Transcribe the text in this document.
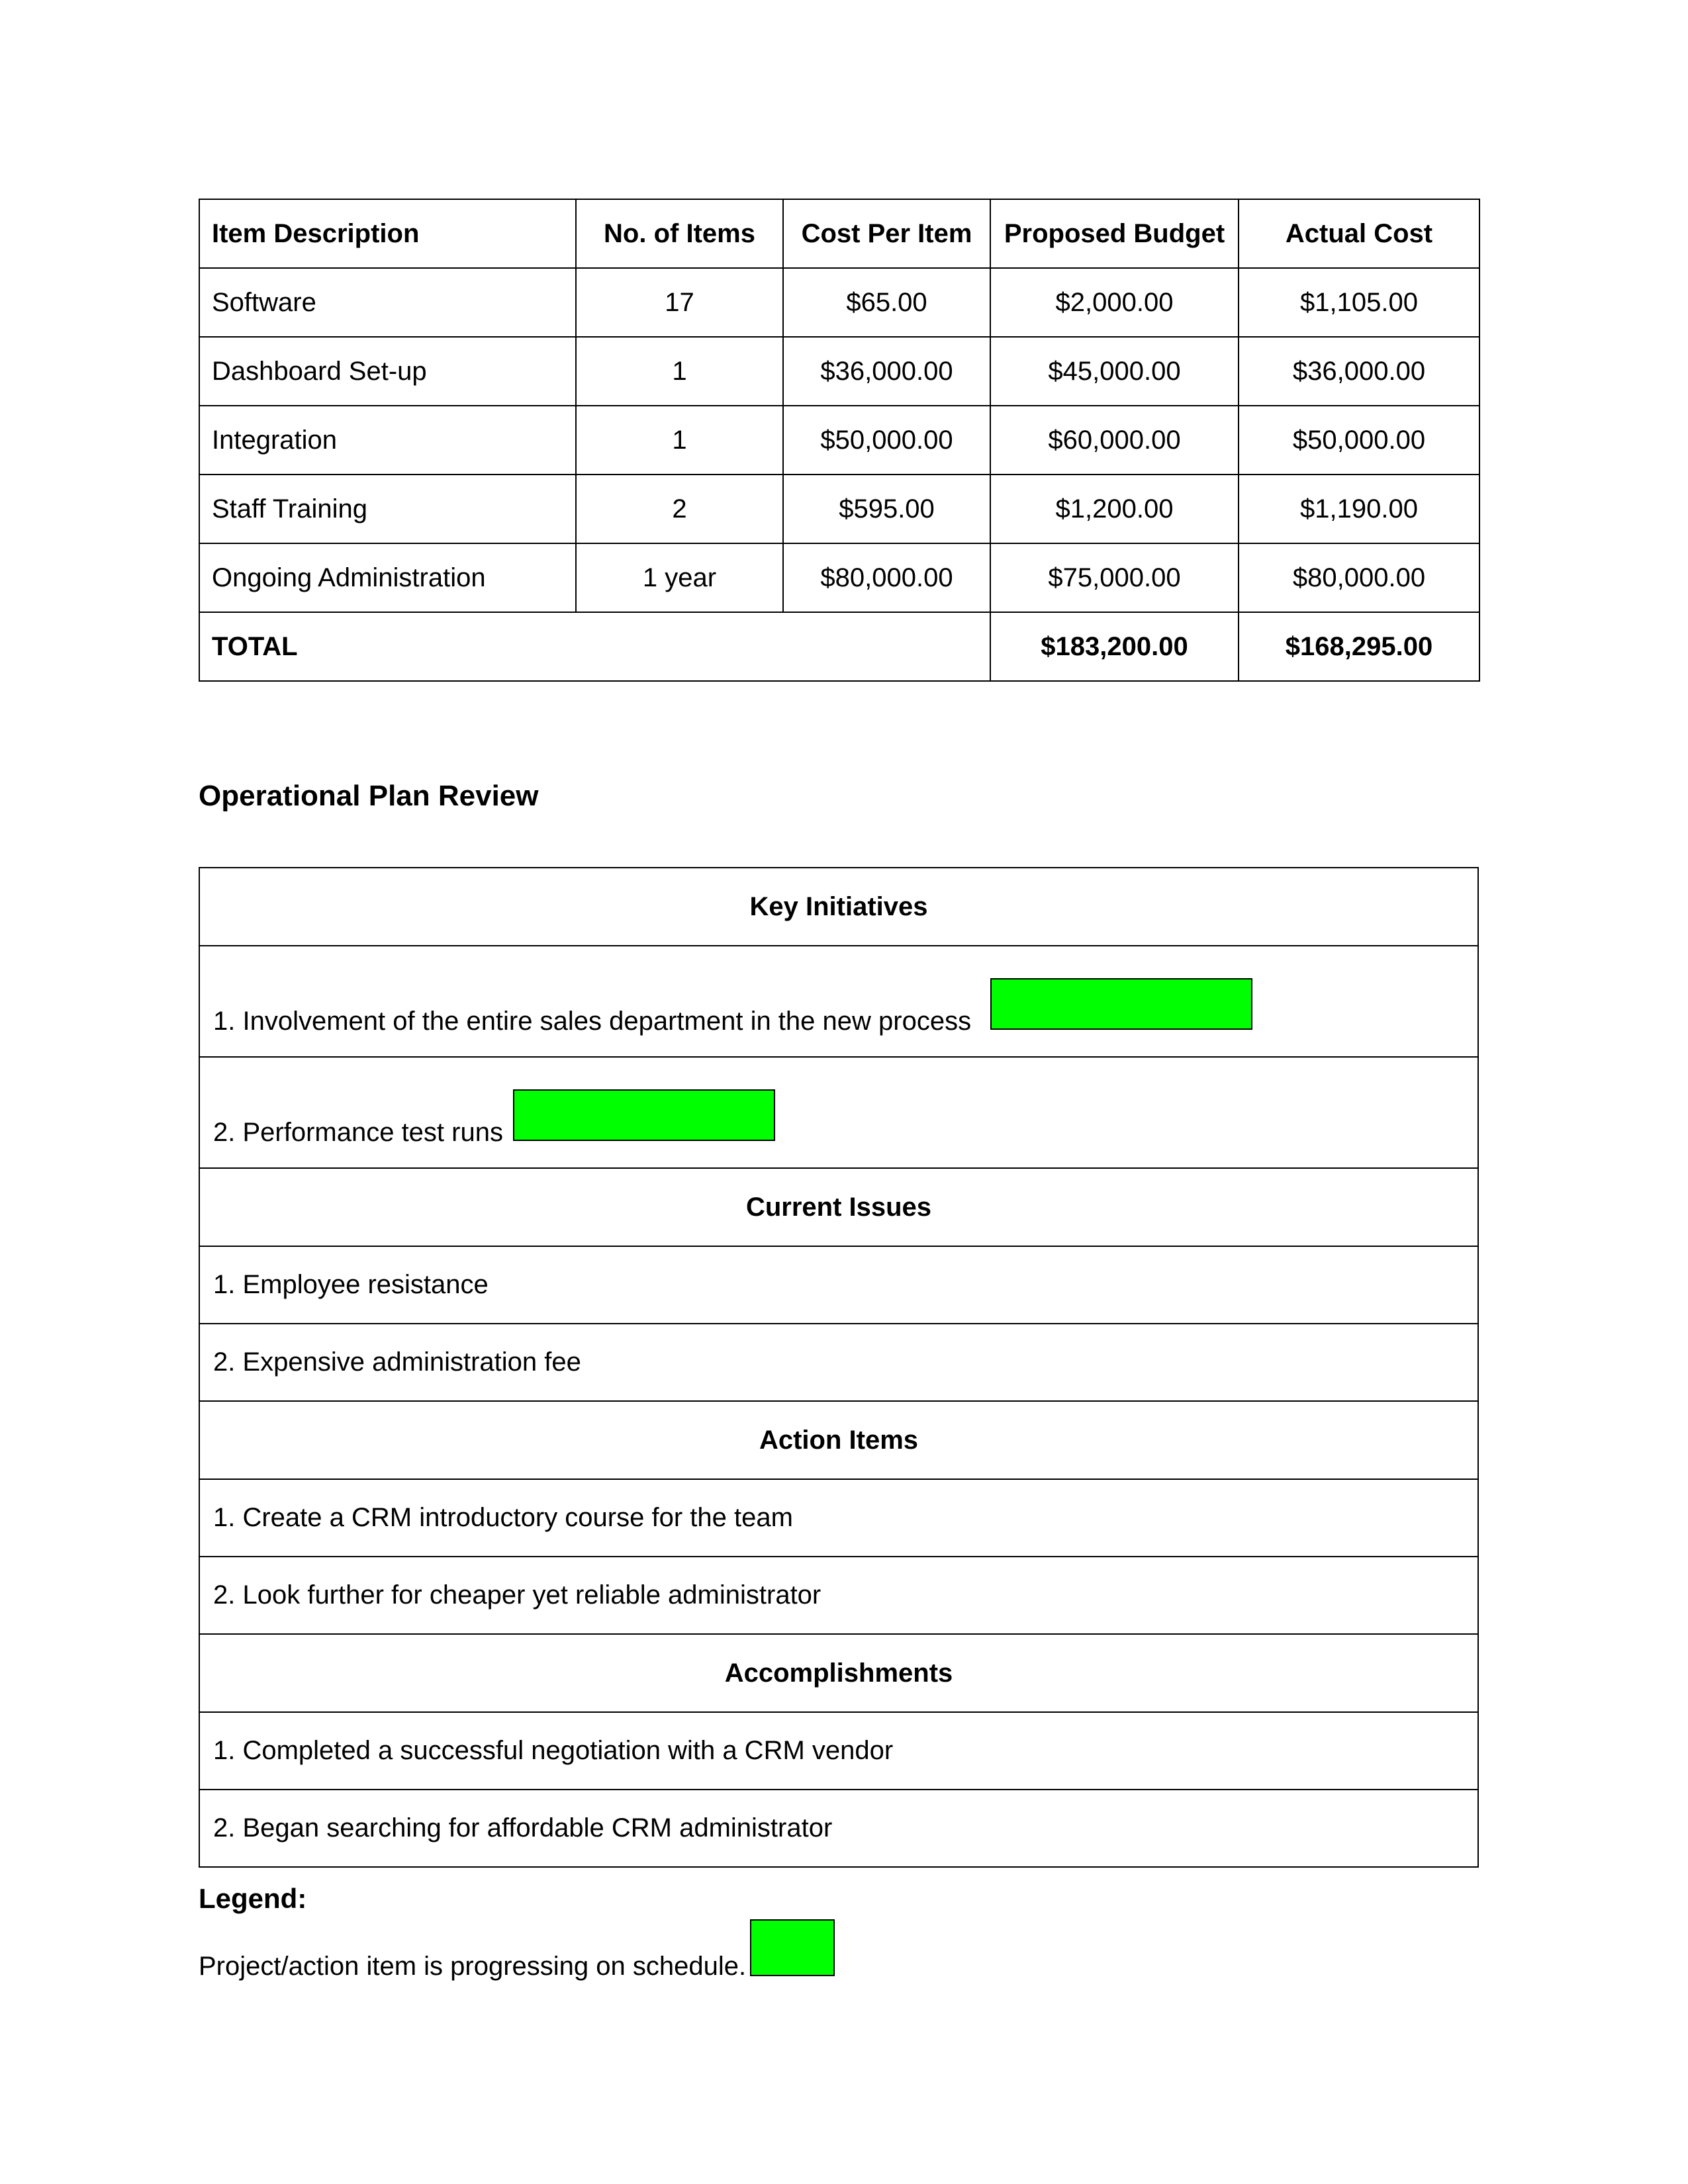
Item Description	No. of Items	Cost Per Item	Proposed Budget	Actual Cost
Software	17	$65.00	$2,000.00	$1,105.00
Dashboard Set-up	1	$36,000.00	$45,000.00	$36,000.00
Integration	1	$50,000.00	$60,000.00	$50,000.00
Staff Training	2	$595.00	$1,200.00	$1,190.00
Ongoing Administration	1 year	$80,000.00	$75,000.00	$80,000.00
TOTAL			$183,200.00	$168,295.00
Operational Plan Review
Key Initiatives
1. Involvement of the entire sales department in the new process
2. Performance test runs
Current Issues
1. Employee resistance
2. Expensive administration fee
Action Items
1. Create a CRM introductory course for the team
2. Look further for cheaper yet reliable administrator
Accomplishments
1. Completed a successful negotiation with a CRM vendor
2. Began searching for affordable CRM administrator
Legend:
Project/action item is progressing on schedule.
